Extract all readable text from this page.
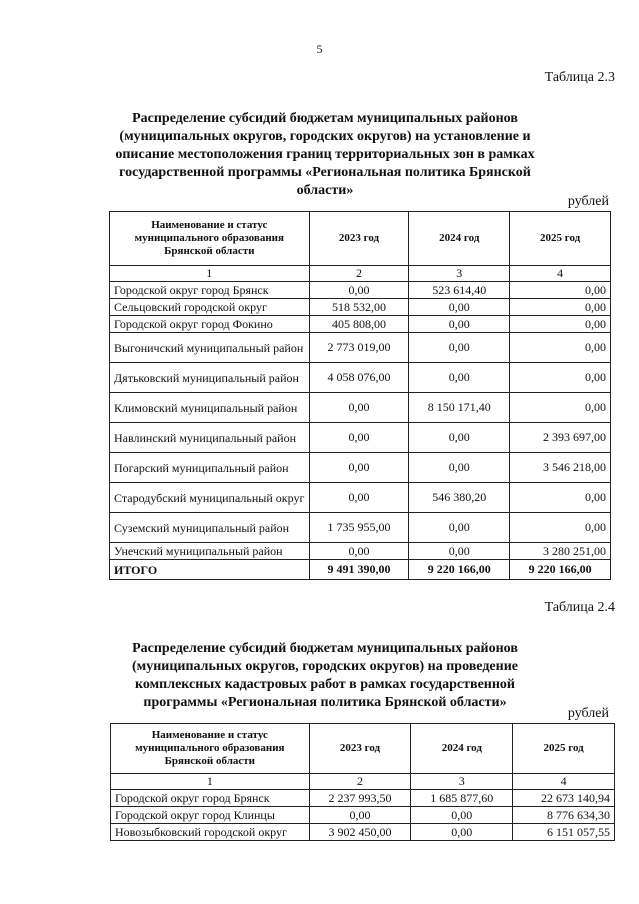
5
Таблица 2.3
Распределение субсидий бюджетам муниципальных районов (муниципальных округов, городских округов) на установление и описание местоположения границ территориальных зон в рамках государственной программы «Региональная политика Брянской области»
рублей
Наименование и статус муниципального образования Брянской области	2023 год	2024 год	2025 год
1	2	3	4
Городской округ город Брянск	0,00	523 614,40	0,00
Сельцовский городской округ	518 532,00	0,00	0,00
Городской округ город Фокино	405 808,00	0,00	0,00
Выгоничский муниципальный район	2 773 019,00	0,00	0,00
Дятьковский муниципальный район	4 058 076,00	0,00	0,00
Климовский муниципальный район	0,00	8 150 171,40	0,00
Навлинский муниципальный район	0,00	0,00	2 393 697,00
Погарский муниципальный район	0,00	0,00	3 546 218,00
Стародубский муниципальный округ	0,00	546 380,20	0,00
Суземский муниципальный район	1 735 955,00	0,00	0,00
Унечский муниципальный район	0,00	0,00	3 280 251,00
ИТОГО	9 491 390,00	9 220 166,00	9 220 166,00
Таблица 2.4
Распределение субсидий бюджетам муниципальных районов (муниципальных округов, городских округов) на проведение комплексных кадастровых работ в рамках государственной программы «Региональная политика Брянской области»
рублей
Наименование и статус муниципального образования Брянской области	2023 год	2024 год	2025 год
1	2	3	4
Городской округ город Брянск	2 237 993,50	1 685 877,60	22 673 140,94
Городской округ город Клинцы	0,00	0,00	8 776 634,30
Новозыбковский городской округ	3 902 450,00	0,00	6 151 057,55
